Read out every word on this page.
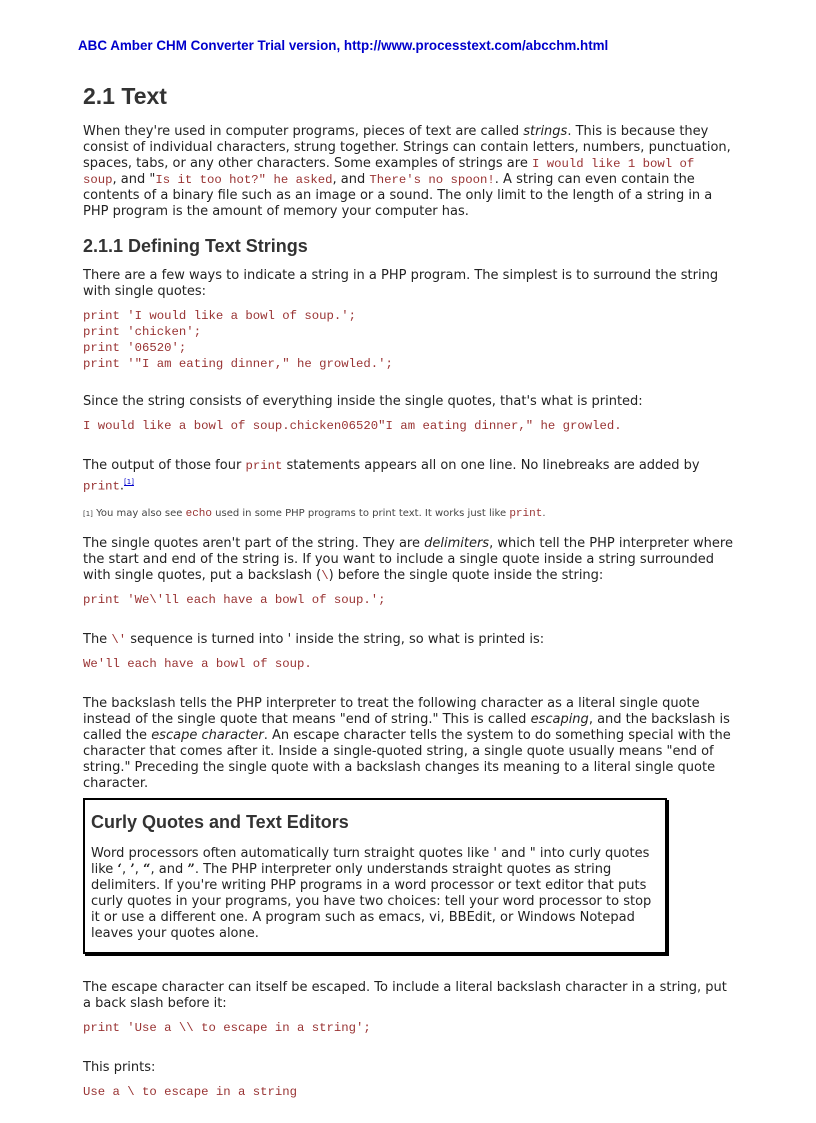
ABC Amber CHM Converter Trial version, http://www.processtext.com/abcchm.html
2.1 Text

When they're used in computer programs, pieces of text are called strings. This is because they consist of individual characters, strung together. Strings can contain letters, numbers, punctuation, spaces, tabs, or any other characters. Some examples of strings are I would like 1 bowl of soup, and "Is it too hot?" he asked, and There's no spoon!. A string can even contain the contents of a binary file such as an image or a sound. The only limit to the length of a string in a PHP program is the amount of memory your computer has.

2.1.1 Defining Text Strings

There are a few ways to indicate a string in a PHP program. The simplest is to surround the string with single quotes:

print 'I would like a bowl of soup.';
print 'chicken';
print '06520';
print '"I am eating dinner," he growled.';

Since the string consists of everything inside the single quotes, that's what is printed:

I would like a bowl of soup.chicken06520"I am eating dinner," he growled.

The output of those four print statements appears all on one line. No linebreaks are added by print.[1]

[1] You may also see echo used in some PHP programs to print text. It works just like print.

The single quotes aren't part of the string. They are delimiters, which tell the PHP interpreter where the start and end of the string is. If you want to include a single quote inside a string surrounded with single quotes, put a backslash (\) before the single quote inside the string:

print 'We\'ll each have a bowl of soup.';

The \' sequence is turned into ' inside the string, so what is printed is:

We'll each have a bowl of soup.

The backslash tells the PHP interpreter to treat the following character as a literal single quote instead of the single quote that means "end of string." This is called escaping, and the backslash is called the escape character. An escape character tells the system to do something special with the character that comes after it. Inside a single-quoted string, a single quote usually means "end of string." Preceding the single quote with a backslash changes its meaning to a literal single quote character.

Curly Quotes and Text Editors

Word processors often automatically turn straight quotes like ' and " into curly quotes like ‘, ’, “, and ”. The PHP interpreter only understands straight quotes as string delimiters. If you're writing PHP programs in a word processor or text editor that puts curly quotes in your programs, you have two choices: tell your word processor to stop it or use a different one. A program such as emacs, vi, BBEdit, or Windows Notepad leaves your quotes alone.

The escape character can itself be escaped. To include a literal backslash character in a string, put a back slash before it:

print 'Use a \\ to escape in a string';

This prints:

Use a \ to escape in a string
